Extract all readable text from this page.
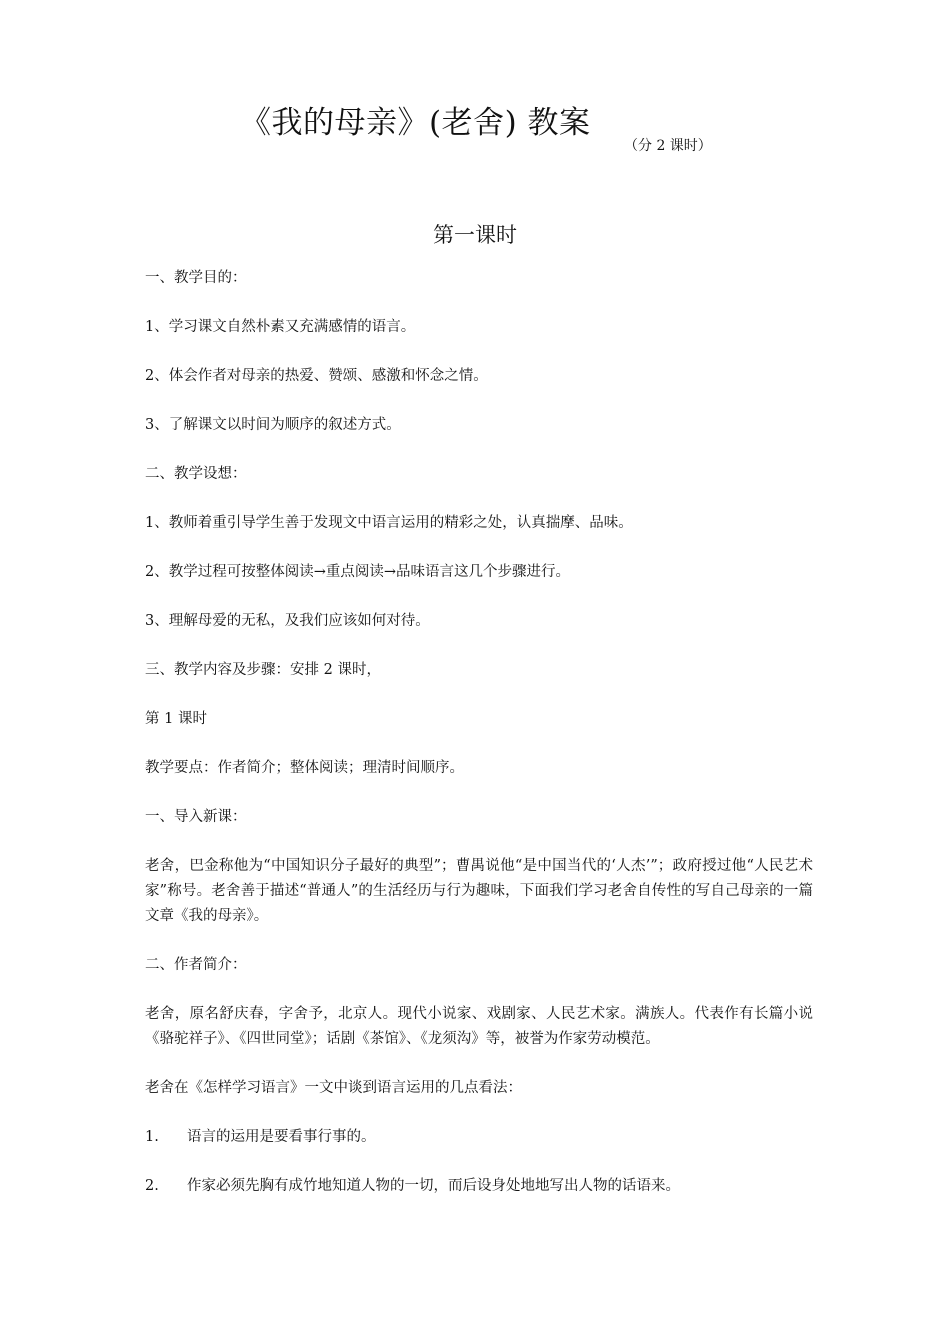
《我的母亲》(老舍) 教案
（分 2 课时）
第一课时

一、教学目的：

1、学习课文自然朴素又充满感情的语言。

2、体会作者对母亲的热爱、赞颂、感激和怀念之情。

3、了解课文以时间为顺序的叙述方式。

二、教学设想：

1、教师着重引导学生善于发现文中语言运用的精彩之处，认真揣摩、品味。

2、教学过程可按整体阅读→重点阅读→品味语言这几个步骤进行。

3、理解母爱的无私，及我们应该如何对待。

三、教学内容及步骤：安排 2 课时，

第 1 课时

教学要点：作者简介；整体阅读；理清时间顺序。

一、导入新课：

老舍，巴金称他为“中国知识分子最好的典型”；曹禺说他“是中国当代的‘人杰’”；政府授过他“人民艺术家”称号。老舍善于描述“普通人”的生活经历与行为趣味，下面我们学习老舍自传性的写自己母亲的一篇文章《我的母亲》。

二、作者简介：

老舍，原名舒庆春，字舍予，北京人。现代小说家、戏剧家、人民艺术家。满族人。代表作有长篇小说《骆驼祥子》、《四世同堂》；话剧《茶馆》、《龙须沟》等，被誉为作家劳动模范。

老舍在《怎样学习语言》一文中谈到语言运用的几点看法：

1.	语言的运用是要看事行事的。
2.	作家必须先胸有成竹地知道人物的一切，而后设身处地地写出人物的话语来。
